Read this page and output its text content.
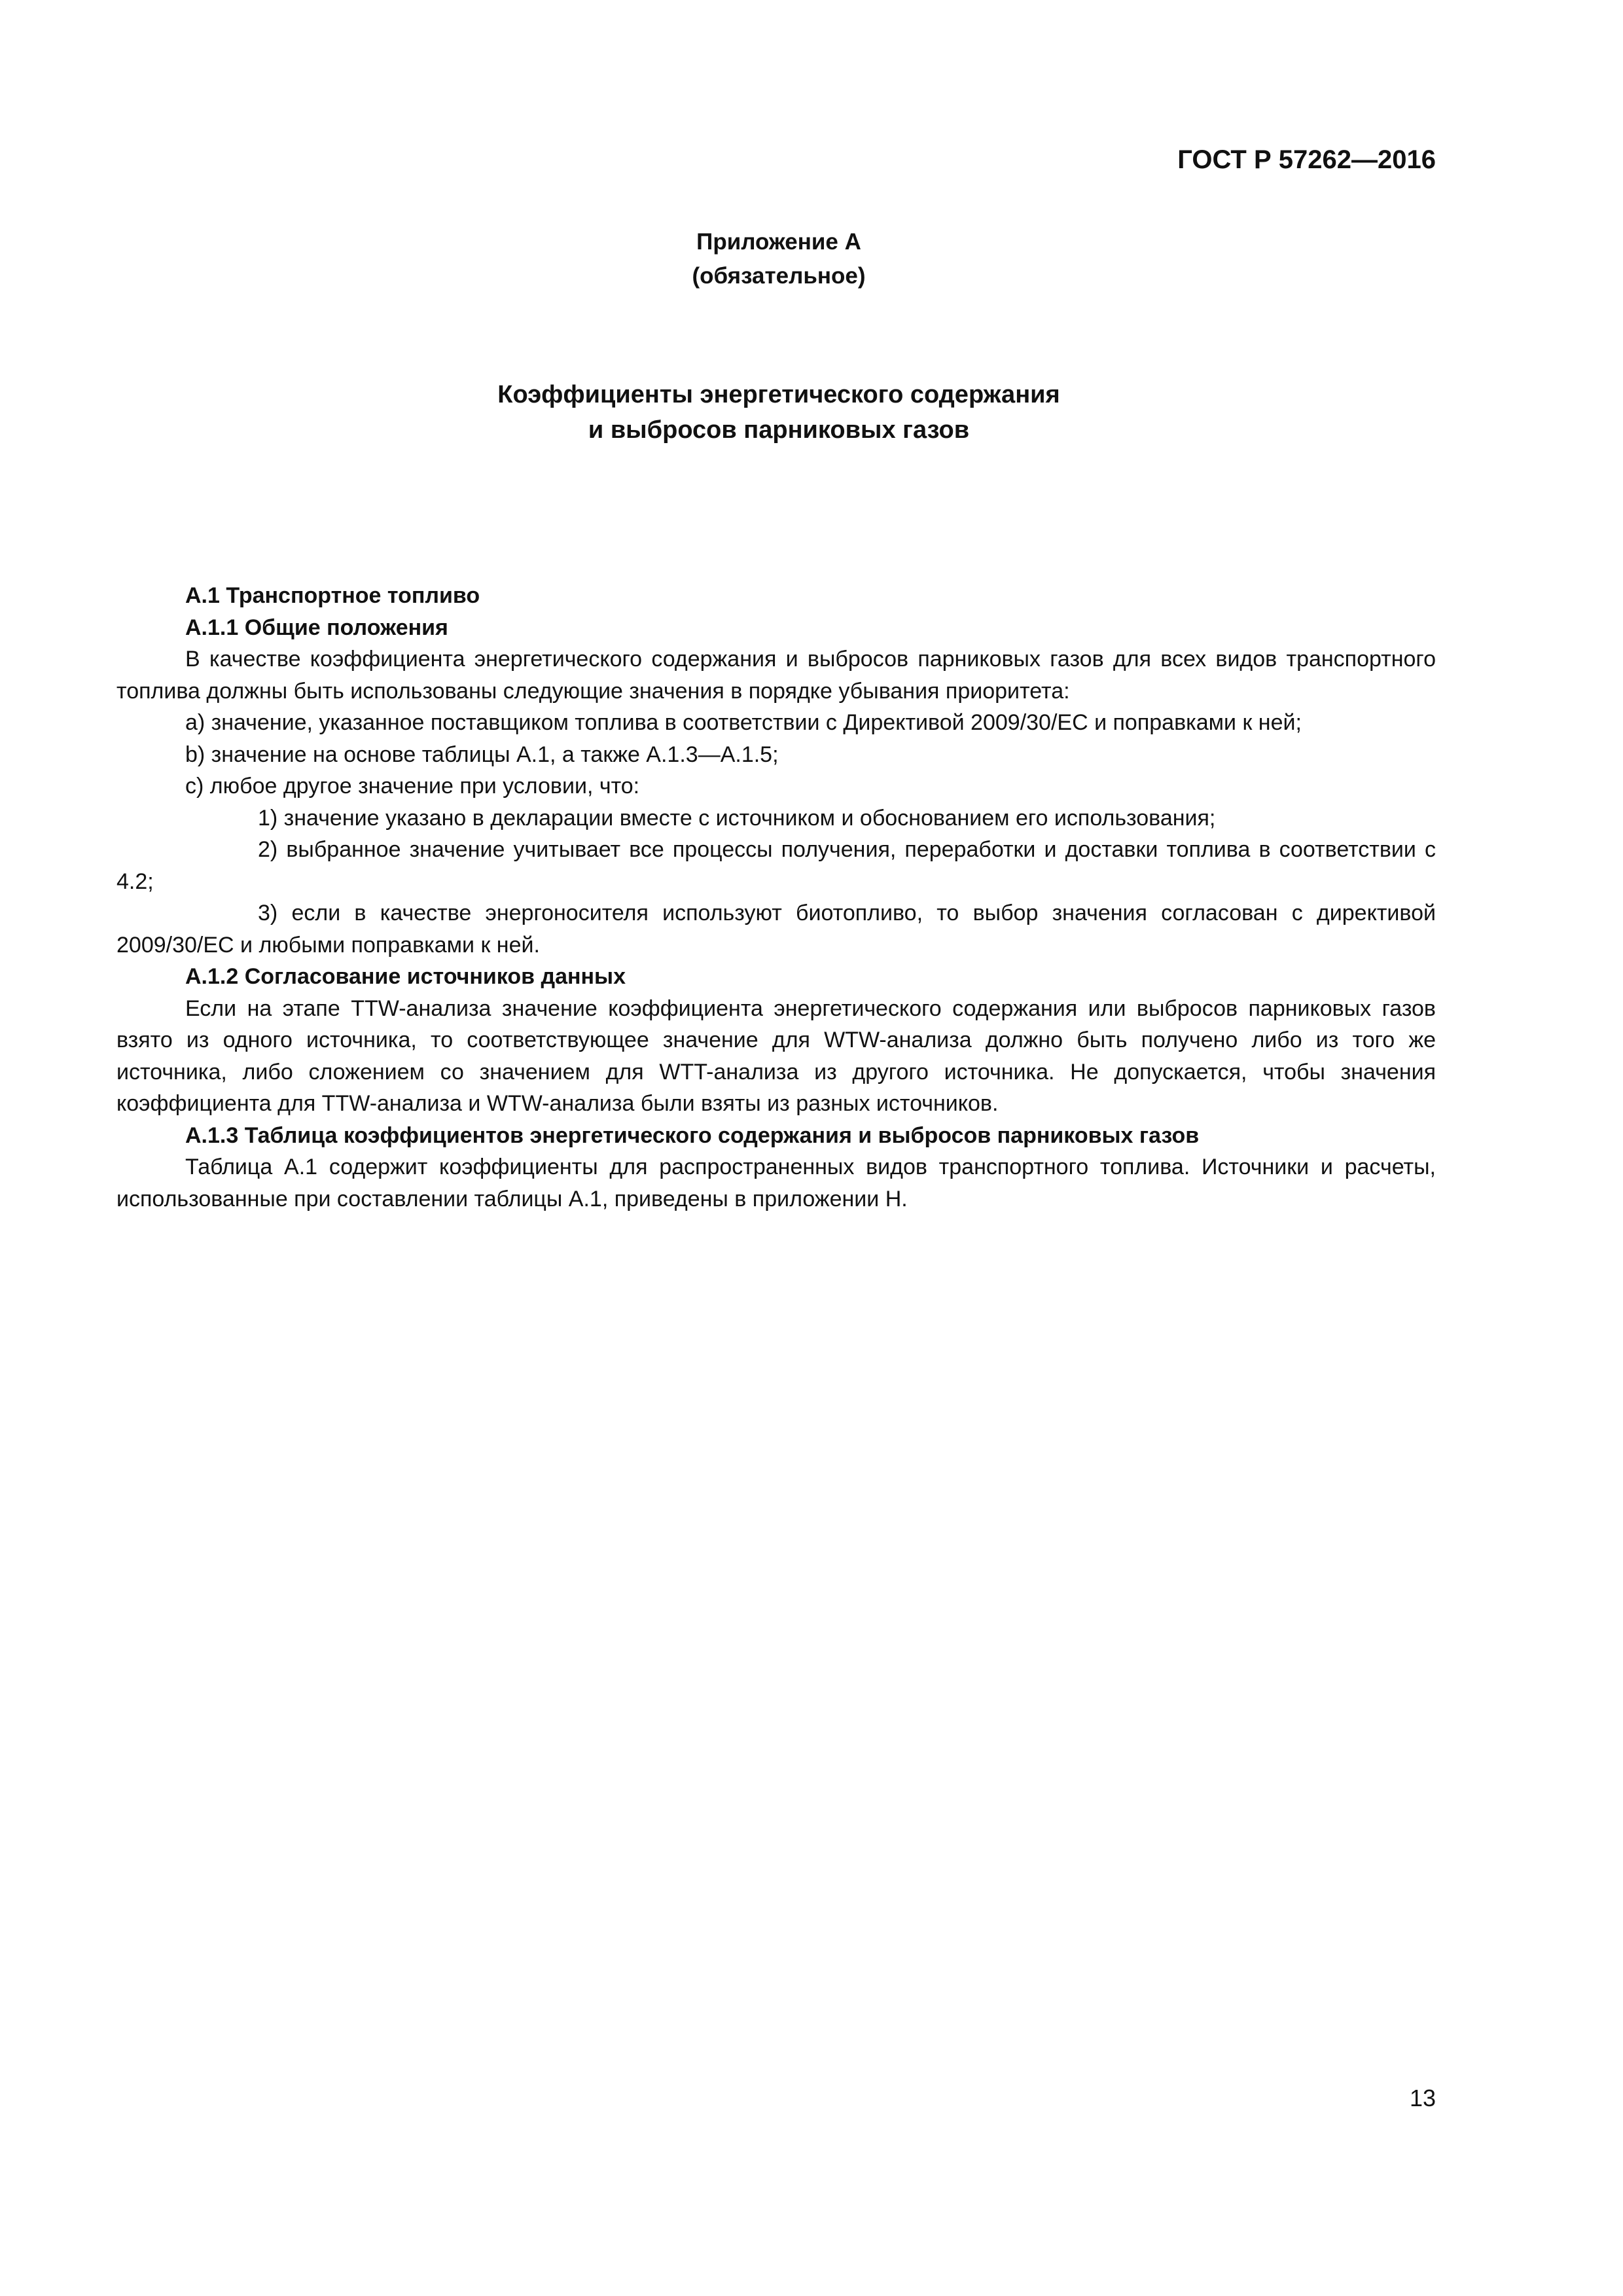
ГОСТ Р 57262—2016

Приложение А
(обязательное)
Коэффициенты энергетического содержания
и выбросов парниковых газов

А.1 Транспортное топливо

А.1.1 Общие положения

В качестве коэффициента энергетического содержания и выбросов парниковых газов для всех видов транспортного топлива должны быть использованы следующие значения в порядке убывания приоритета:

а) значение, указанное поставщиком топлива в соответствии с Директивой 2009/30/ЕС и поправками к ней;

b) значение на основе таблицы А.1, а также А.1.3—А.1.5;

с) любое другое значение при условии, что:

1) значение указано в декларации вместе с источником и обоснованием его использования;

2) выбранное значение учитывает все процессы получения, переработки и доставки топлива в соответствии с 4.2;

3) если в качестве энергоносителя используют биотопливо, то выбор значения согласован с директивой 2009/30/ЕС и любыми поправками к ней.

А.1.2 Согласование источников данных

Если на этапе TTW-анализа значение коэффициента энергетического содержания или выбросов парниковых газов взято из одного источника, то соответствующее значение для WTW-анализа должно быть получено либо из того же источника, либо сложением со значением для WTT-анализа из другого источника. Не допускается, чтобы значения коэффициента для TTW-анализа и WTW-анализа были взяты из разных источников.

А.1.3 Таблица коэффициентов энергетического содержания и выбросов парниковых газов

Таблица А.1 содержит коэффициенты для распространенных видов транспортного топлива. Источники и расчеты, использованные при составлении таблицы А.1, приведены в приложении Н.

13
